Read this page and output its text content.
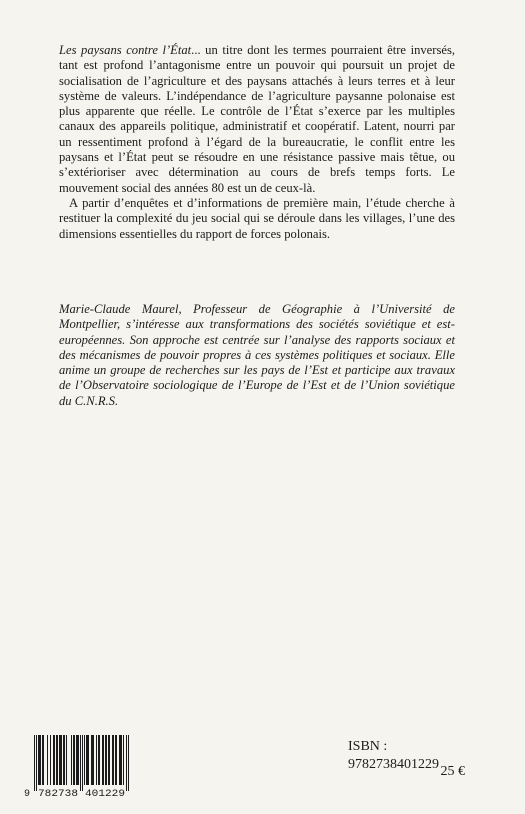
Les paysans contre l’État... un titre dont les termes pourraient être inversés, tant est profond l’antagonisme entre un pouvoir qui poursuit un projet de socialisation de l’agriculture et des paysans attachés à leurs terres et à leur système de valeurs. L’indépendance de l’agriculture paysanne polonaise est plus apparente que réelle. Le contrôle de l’État s’exerce par les multiples canaux des appareils politique, administratif et coopératif. Latent, nourri par un ressentiment profond à l’égard de la bureaucratie, le conflit entre les paysans et l’État peut se résoudre en une résistance passive mais têtue, ou s’extérioriser avec détermination au cours de brefs temps forts. Le mouvement social des années 80 est un de ceux-là.

A partir d’enquêtes et d’informations de première main, l’étude cherche à restituer la complexité du jeu social qui se déroule dans les villages, l’une des dimensions essentielles du rapport de forces polonais.

Marie-Claude Maurel, Professeur de Géographie à l’Université de Montpellier, s’intéresse aux transformations des sociétés soviétique et est-européennes. Son approche est centrée sur l’analyse des rapports sociaux et des mécanismes de pouvoir propres à ces systèmes politiques et sociaux. Elle anime un groupe de recherches sur les pays de l’Est et participe aux travaux de l’Observatoire sociologique de l’Europe de l’Est et de l’Union soviétique du C.N.R.S.

9 782738 401229
ISBN : 9782738401229 25 €
